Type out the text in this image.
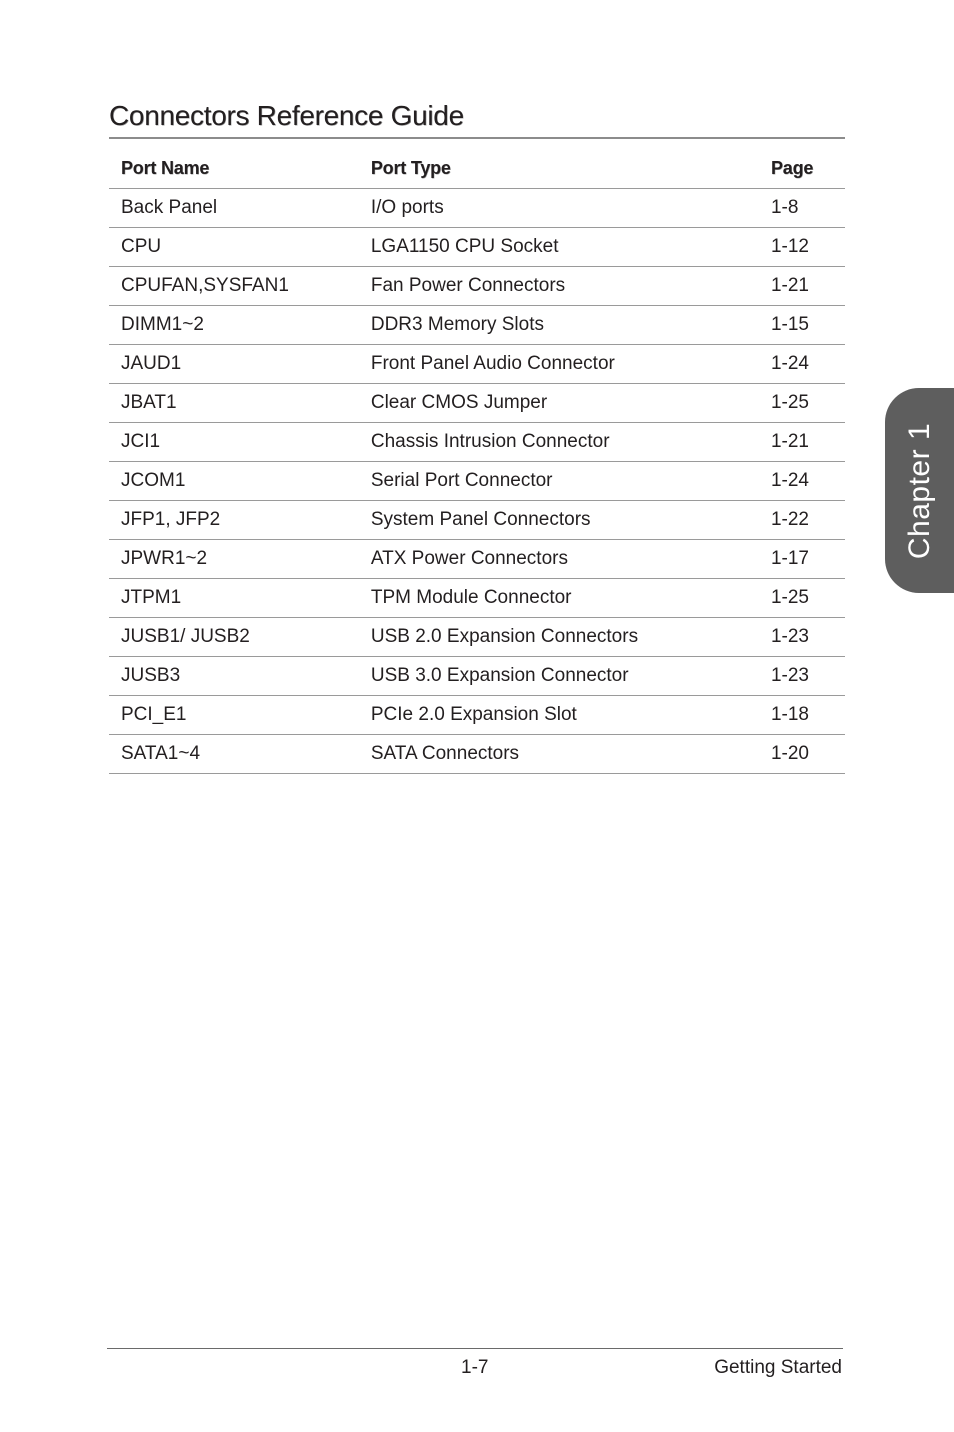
Connectors Reference Guide
Port Name	Port Type	Page
Back Panel	I/O ports	1-8
CPU	LGA1150 CPU Socket	1-12
CPUFAN,SYSFAN1	Fan Power Connectors	1-21
DIMM1~2	DDR3 Memory Slots	1-15
JAUD1	Front Panel Audio Connector	1-24
JBAT1	Clear CMOS Jumper	1-25
JCI1	Chassis Intrusion Connector	1-21
JCOM1	Serial Port Connector	1-24
JFP1, JFP2	System Panel Connectors	1-22
JPWR1~2	ATX Power Connectors	1-17
JTPM1	TPM Module Connector	1-25
JUSB1/ JUSB2	USB 2.0 Expansion Connectors	1-23
JUSB3	USB 3.0 Expansion Connector	1-23
PCI_E1	PCIe 2.0 Expansion Slot	1-18
SATA1~4	SATA Connectors	1-20
Chapter 1
1-7	Getting Started
